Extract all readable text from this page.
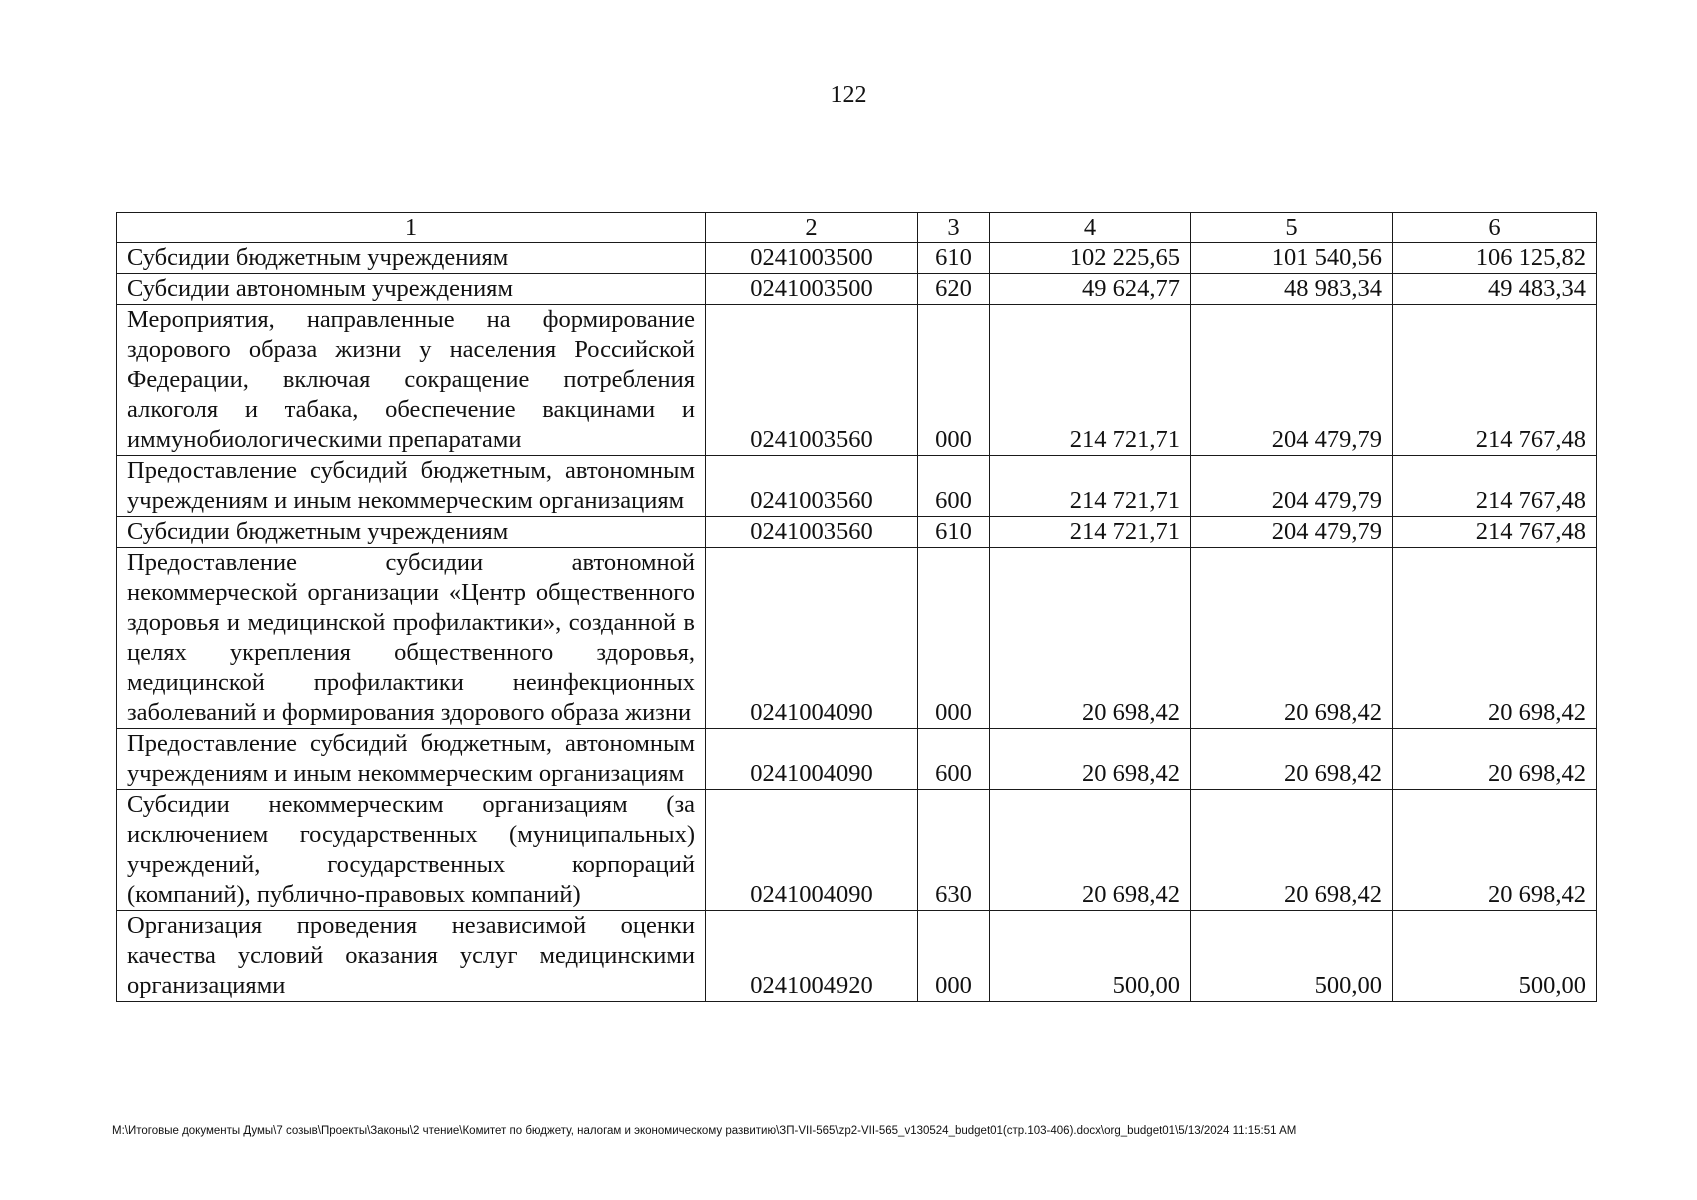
122
1	2	3	4	5	6
Субсидии бюджетным учреждениям	0241003500	610	102 225,65	101 540,56	106 125,82
Субсидии автономным учреждениям	0241003500	620	49 624,77	48 983,34	49 483,34
Мероприятия, направленные на формирование здорового образа жизни у населения Российской Федерации, включая сокращение потребления алкоголя и табака, обеспечение вакцинами и иммунобиологическими препаратами	0241003560	000	214 721,71	204 479,79	214 767,48
Предоставление субсидий бюджетным, автономным учреждениям и иным некоммерческим организациям	0241003560	600	214 721,71	204 479,79	214 767,48
Субсидии бюджетным учреждениям	0241003560	610	214 721,71	204 479,79	214 767,48
Предоставление субсидии автономной некоммерческой организации «Центр общественного здоровья и медицинской профилактики», созданной в целях укрепления общественного здоровья, медицинской профилактики неинфекционных заболеваний и формирования здорового образа жизни	0241004090	000	20 698,42	20 698,42	20 698,42
Предоставление субсидий бюджетным, автономным учреждениям и иным некоммерческим организациям	0241004090	600	20 698,42	20 698,42	20 698,42
Субсидии некоммерческим организациям (за исключением государственных (муниципальных) учреждений, государственных корпораций (компаний), публично-правовых компаний)	0241004090	630	20 698,42	20 698,42	20 698,42
Организация проведения независимой оценки качества условий оказания услуг медицинскими организациями	0241004920	000	500,00	500,00	500,00
M:\Итоговые документы Думы\7 созыв\Проекты\Законы\2 чтение\Комитет по бюджету, налогам и экономическому развитию\ЗП-VII-565\zp2-VII-565_v130524_budget01(стр.103-406).docx\org_budget01\5/13/2024 11:15:51 AM
